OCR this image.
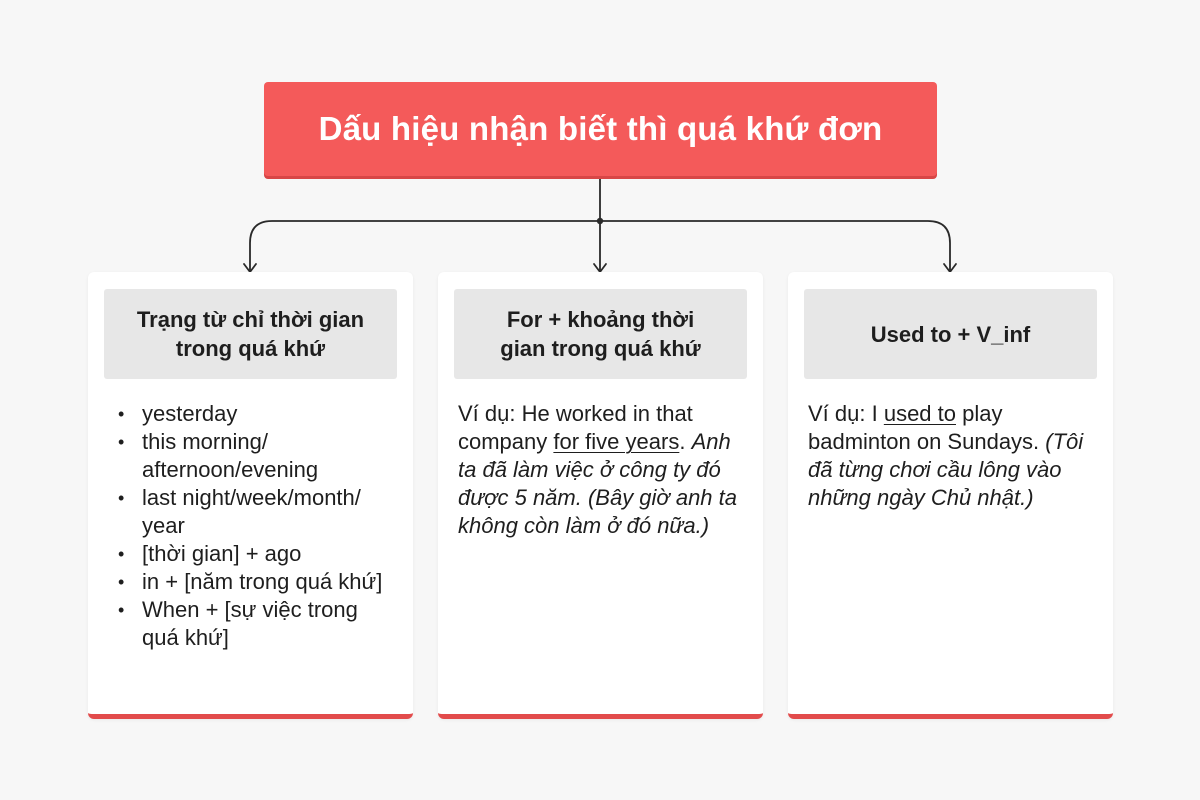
Dấu hiệu nhận biết thì quá khứ đơn
Trạng từ chỉ thời gian trong quá khứ
• yesterday
• this morning/ afternoon/evening
• last night/week/month/ year
• [thời gian] + ago
• in + [năm trong quá khứ]
• When + [sự việc trong quá khứ]
For + khoảng thời gian trong quá khứ
Ví dụ: He worked in that company for five years. Anh ta đã làm việc ở công ty đó được 5 năm. (Bây giờ anh ta không còn làm ở đó nữa.)
Used to + V_inf
Ví dụ: I used to play badminton on Sundays. (Tôi đã từng chơi cầu lông vào những ngày Chủ nhật.)
